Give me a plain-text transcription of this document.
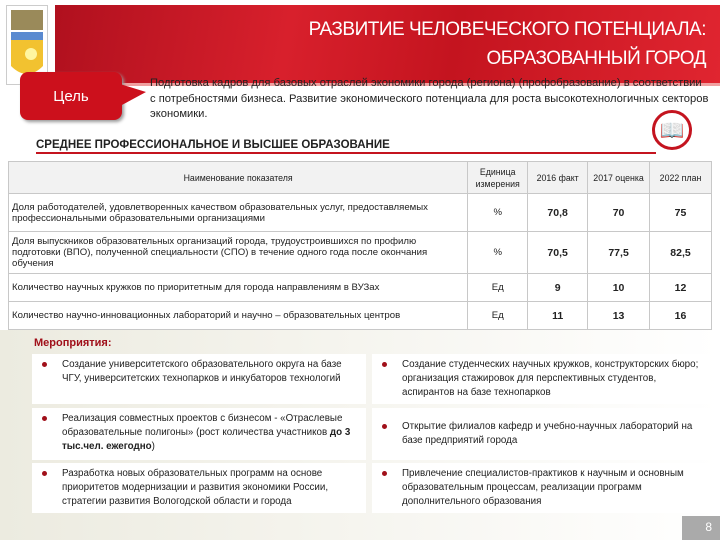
РАЗВИТИЕ ЧЕЛОВЕЧЕСКОГО ПОТЕНЦИАЛА:
ОБРАЗОВАННЫЙ ГОРОД
Цель
Подготовка кадров для базовых отраслей экономики города (региона) (профобразование) в соответствии с потребностями бизнеса. Развитие экономического потенциала для роста высокотехнологичных секторов экономики.
📖
СРЕДНЕЕ ПРОФЕССИОНАЛЬНОЕ И ВЫСШЕЕ ОБРАЗОВАНИЕ
Наименование показателя	Единица измерения	2016 факт	2017 оценка	2022 план
Доля работодателей, удовлетворенных качеством образовательных услуг, предоставляемых профессиональными образовательными организациями	%	70,8	70	75
Доля выпускников образовательных организаций города, трудоустроившихся по профилю подготовки (ВПО), полученной специальности (СПО) в течение одного года после окончания обучения	%	70,5	77,5	82,5
Количество научных кружков по приоритетным для города направлениям в ВУЗах	Ед	9	10	12
Количество научно-инновационных лабораторий и научно – образовательных центров	Ед	11	13	16
Мероприятия:
Создание университетского образовательного округа на базе ЧГУ, университетских технопарков и инкубаторов технологий
Создание студенческих научных кружков, конструкторских бюро; организация стажировок для перспективных студентов, аспирантов на базе технопарков
Реализация совместных проектов с бизнесом - «Отраслевые образовательные полигоны» (рост количества участников до 3 тыс.чел. ежегодно)
Открытие филиалов кафедр и учебно-научных лабораторий на базе предприятий города
Разработка новых образовательных программ на основе приоритетов модернизации и развития экономики России, стратегии развития Вологодской области и города
Привлечение специалистов-практиков к научным и основным образовательным процессам, реализации программ дополнительного образования
8
